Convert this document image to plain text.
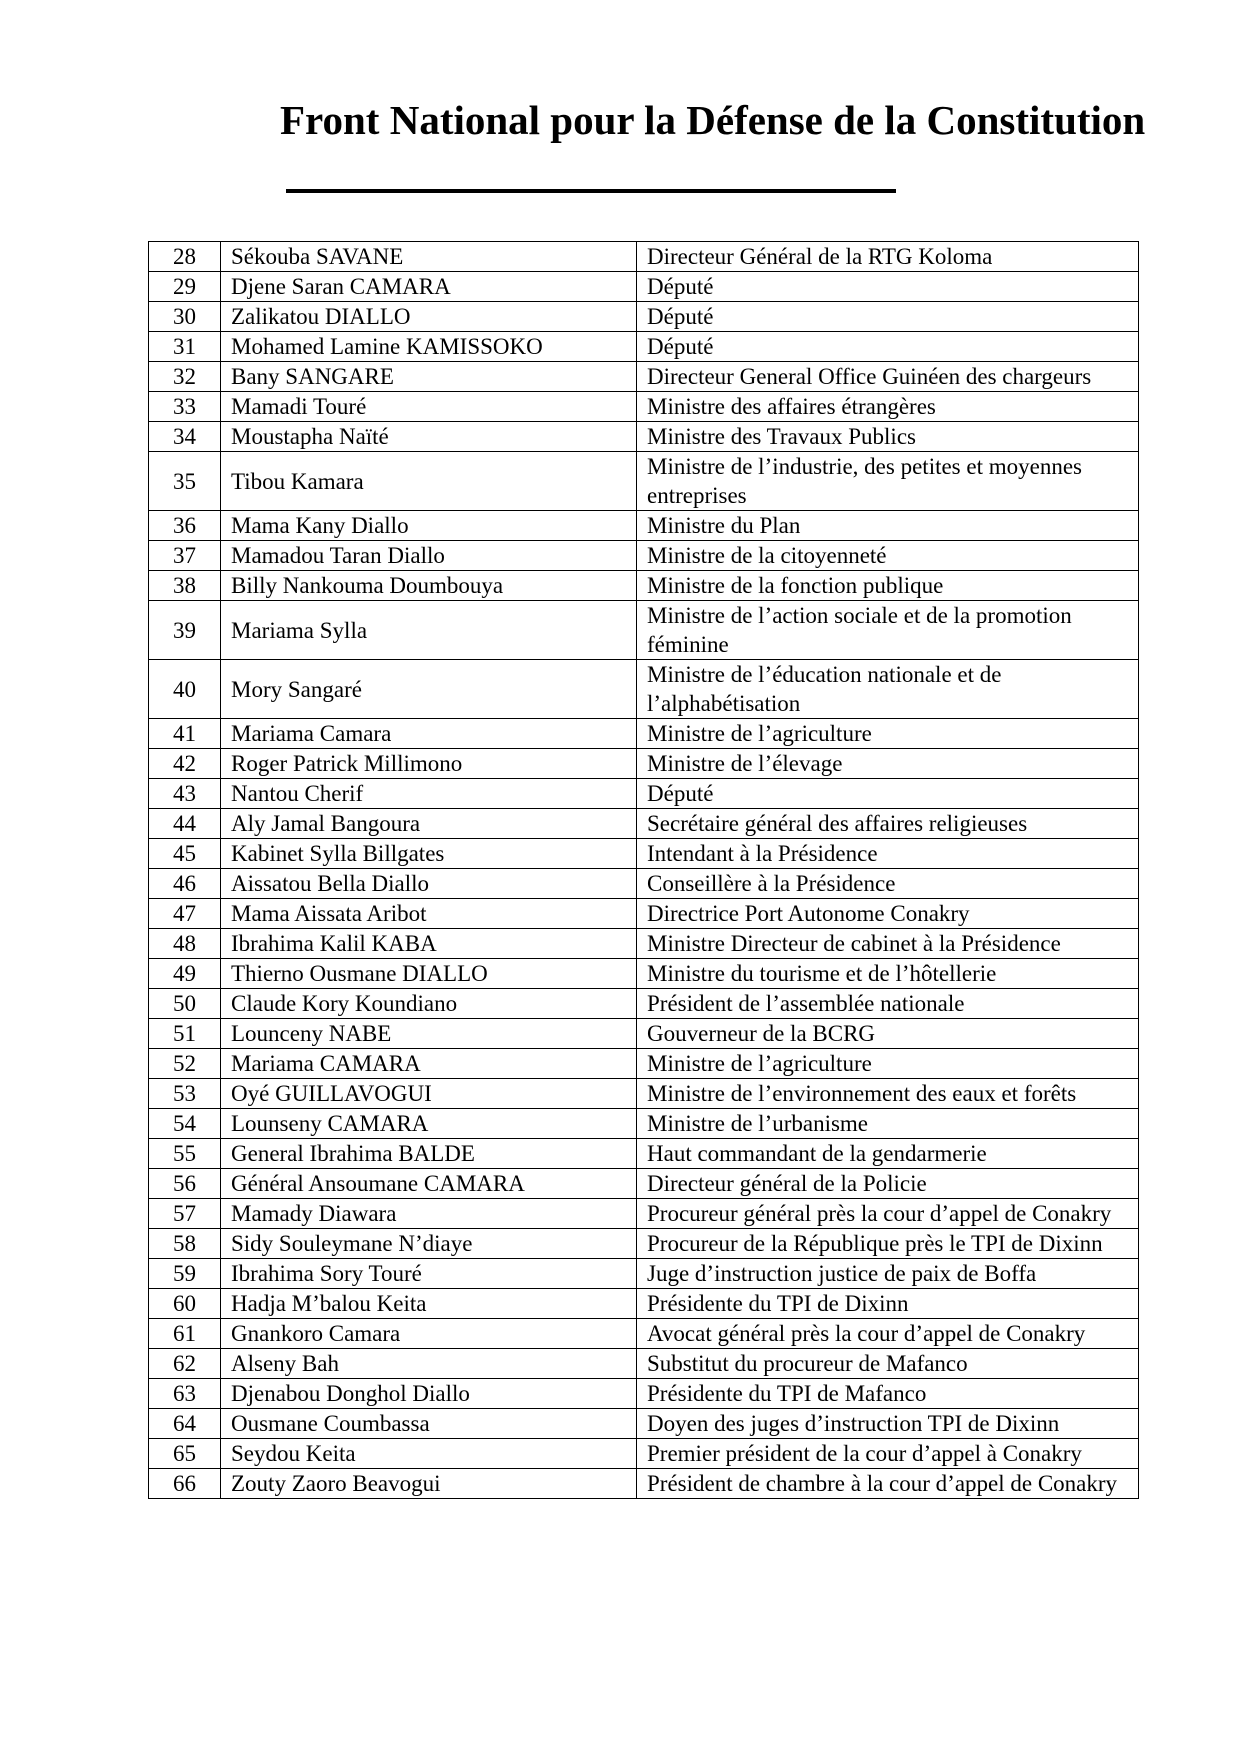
Front National pour la Défense de la Constitution
28	Sékouba SAVANE	Directeur Général de la RTG Koloma
29	Djene Saran CAMARA	Député
30	Zalikatou DIALLO	Député
31	Mohamed Lamine KAMISSOKO	Député
32	Bany SANGARE	Directeur General Office Guinéen des chargeurs
33	Mamadi Touré	Ministre des affaires étrangères
34	Moustapha Naïté	Ministre des Travaux Publics
35	Tibou Kamara	Ministre de l’industrie, des petites et moyennes entreprises
36	Mama Kany Diallo	Ministre du Plan
37	Mamadou Taran Diallo	Ministre de la citoyenneté
38	Billy Nankouma Doumbouya	Ministre de la fonction publique
39	Mariama Sylla	Ministre de l’action sociale et de la promotion féminine
40	Mory Sangaré	Ministre de l’éducation nationale et de l’alphabétisation
41	Mariama Camara	Ministre de l’agriculture
42	Roger Patrick Millimono	Ministre de l’élevage
43	Nantou Cherif	Député
44	Aly Jamal Bangoura	Secrétaire général des affaires religieuses
45	Kabinet Sylla Billgates	Intendant à la Présidence
46	Aissatou Bella Diallo	Conseillère à la Présidence
47	Mama Aissata Aribot	Directrice Port Autonome Conakry
48	Ibrahima Kalil KABA	Ministre Directeur de cabinet à la Présidence
49	Thierno Ousmane DIALLO	Ministre du tourisme et de l’hôtellerie
50	Claude Kory Koundiano	Président de l’assemblée nationale
51	Lounceny NABE	Gouverneur de la BCRG
52	Mariama CAMARA	Ministre de l’agriculture
53	Oyé GUILLAVOGUI	Ministre de l’environnement des eaux et forêts
54	Lounseny CAMARA	Ministre de l’urbanisme
55	General Ibrahima BALDE	Haut commandant de la gendarmerie
56	Général Ansoumane CAMARA	Directeur général de la Policie
57	Mamady Diawara	Procureur général près la cour d’appel de Conakry
58	Sidy Souleymane N’diaye	Procureur de la République près le TPI de Dixinn
59	Ibrahima Sory Touré	Juge d’instruction justice de paix de Boffa
60	Hadja M’balou Keita	Présidente du TPI de Dixinn
61	Gnankoro Camara	Avocat général près la cour d’appel de Conakry
62	Alseny Bah	Substitut du procureur de Mafanco
63	Djenabou Donghol Diallo	Présidente du TPI de Mafanco
64	Ousmane Coumbassa	Doyen des juges d’instruction TPI de Dixinn
65	Seydou Keita	Premier président de la cour d’appel à Conakry
66	Zouty Zaoro Beavogui	Président de chambre à la cour d’appel de Conakry
